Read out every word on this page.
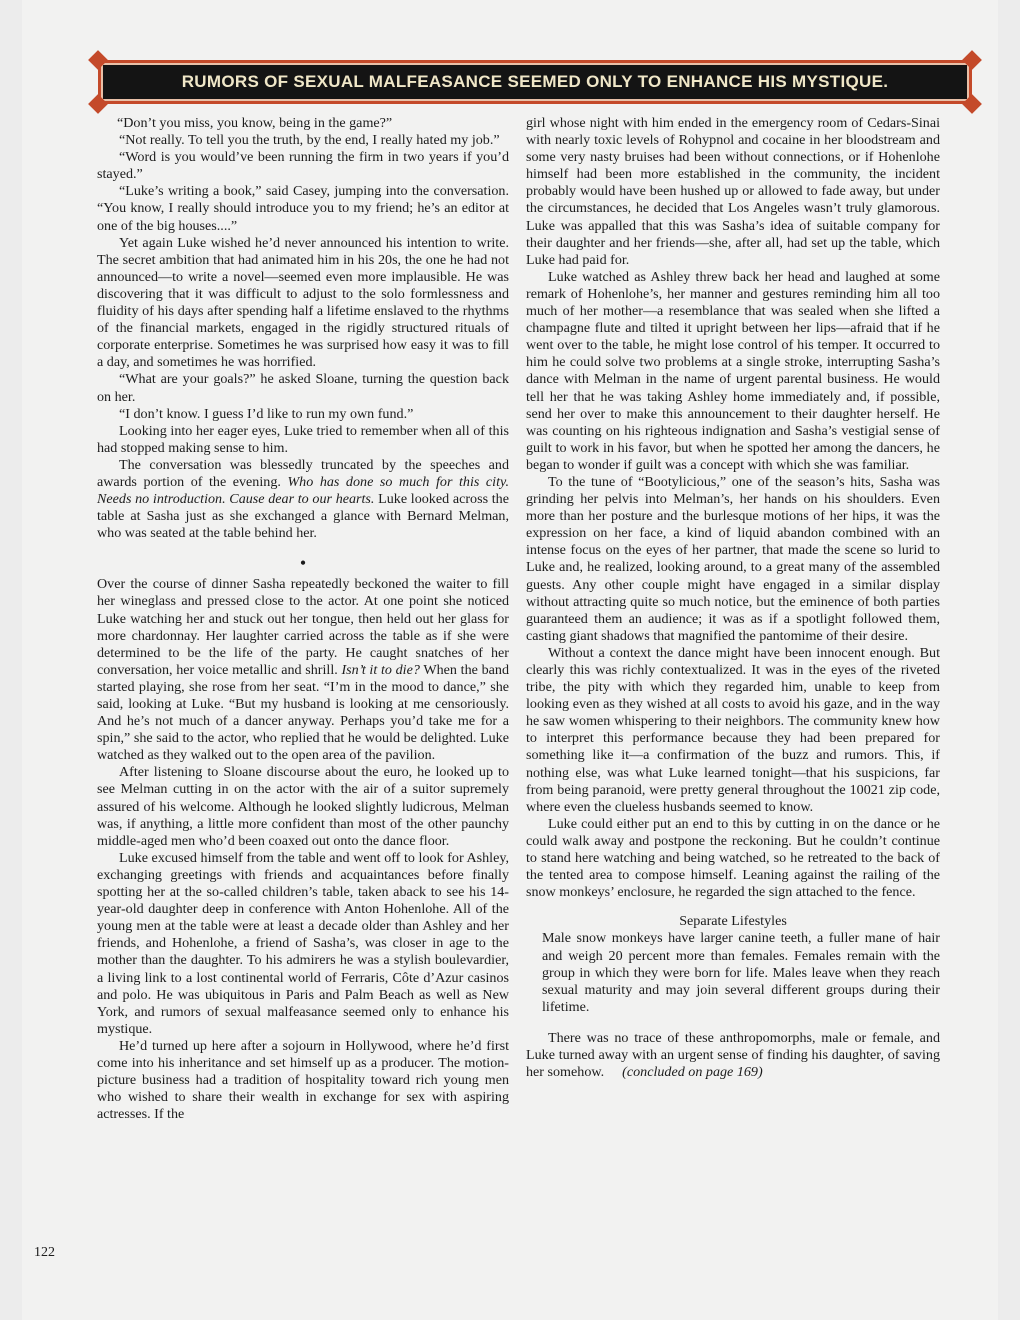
RUMORS OF SEXUAL MALFEASANCE SEEMED ONLY TO ENHANCE HIS MYSTIQUE.

“Don’t you miss, you know, being in the game?”

“Not really. To tell you the truth, by the end, I really hated my job.”

“Word is you would’ve been running the firm in two years if you’d stayed.”

“Luke’s writing a book,” said Casey, jumping into the conversation. “You know, I really should introduce you to my friend; he’s an editor at one of the big houses....”

Yet again Luke wished he’d never announced his intention to write. The secret ambition that had animated him in his 20s, the one he had not announced—to write a novel—seemed even more implausible. He was discovering that it was difficult to adjust to the solo formlessness and fluidity of his days after spending half a lifetime enslaved to the rhythms of the financial markets, engaged in the rigidly structured rituals of corporate enterprise. Sometimes he was surprised how easy it was to fill a day, and sometimes he was horrified.

“What are your goals?” he asked Sloane, turning the question back on her.

“I don’t know. I guess I’d like to run my own fund.”

Looking into her eager eyes, Luke tried to remember when all of this had stopped making sense to him.

The conversation was blessedly truncated by the speeches and awards portion of the evening. Who has done so much for this city. Needs no introduction. Cause dear to our hearts. Luke looked across the table at Sasha just as she exchanged a glance with Bernard Melman, who was seated at the table behind her.

•

Over the course of dinner Sasha repeatedly beckoned the waiter to fill her wineglass and pressed close to the actor. At one point she noticed Luke watching her and stuck out her tongue, then held out her glass for more chardonnay. Her laughter carried across the table as if she were determined to be the life of the party. He caught snatches of her conversation, her voice metallic and shrill. Isn’t it to die? When the band started playing, she rose from her seat. “I’m in the mood to dance,” she said, looking at Luke. “But my husband is looking at me censoriously. And he’s not much of a dancer anyway. Perhaps you’d take me for a spin,” she said to the actor, who replied that he would be delighted. Luke watched as they walked out to the open area of the pavilion.

After listening to Sloane discourse about the euro, he looked up to see Melman cutting in on the actor with the air of a suitor supremely assured of his welcome. Although he looked slightly ludicrous, Melman was, if anything, a little more confident than most of the other paunchy middle-aged men who’d been coaxed out onto the dance floor.

Luke excused himself from the table and went off to look for Ashley, exchanging greetings with friends and acquaintances before finally spotting her at the so-called children’s table, taken aback to see his 14-year-old daughter deep in conference with Anton Hohenlohe. All of the young men at the table were at least a decade older than Ashley and her friends, and Hohenlohe, a friend of Sasha’s, was closer in age to the mother than the daughter. To his admirers he was a stylish boulevardier, a living link to a lost continental world of Ferraris, Côte d’Azur casinos and polo. He was ubiquitous in Paris and Palm Beach as well as New York, and rumors of sexual malfeasance seemed only to enhance his mystique.

He’d turned up here after a sojourn in Hollywood, where he’d first come into his inheritance and set himself up as a producer. The motion-picture business had a tradition of hospitality toward rich young men who wished to share their wealth in exchange for sex with aspiring actresses. If the

girl whose night with him ended in the emergency room of Cedars-Sinai with nearly toxic levels of Rohypnol and cocaine in her bloodstream and some very nasty bruises had been without connections, or if Hohenlohe himself had been more established in the community, the incident probably would have been hushed up or allowed to fade away, but under the circumstances, he decided that Los Angeles wasn’t truly glamorous. Luke was appalled that this was Sasha’s idea of suitable company for their daughter and her friends—she, after all, had set up the table, which Luke had paid for.

Luke watched as Ashley threw back her head and laughed at some remark of Hohenlohe’s, her manner and gestures reminding him all too much of her mother—a resemblance that was sealed when she lifted a champagne flute and tilted it upright between her lips—afraid that if he went over to the table, he might lose control of his temper. It occurred to him he could solve two problems at a single stroke, interrupting Sasha’s dance with Melman in the name of urgent parental business. He would tell her that he was taking Ashley home immediately and, if possible, send her over to make this announcement to their daughter herself. He was counting on his righteous indignation and Sasha’s vestigial sense of guilt to work in his favor, but when he spotted her among the dancers, he began to wonder if guilt was a concept with which she was familiar.

To the tune of “Bootylicious,” one of the season’s hits, Sasha was grinding her pelvis into Melman’s, her hands on his shoulders. Even more than her posture and the burlesque motions of her hips, it was the expression on her face, a kind of liquid abandon combined with an intense focus on the eyes of her partner, that made the scene so lurid to Luke and, he realized, looking around, to a great many of the assembled guests. Any other couple might have engaged in a similar display without attracting quite so much notice, but the eminence of both parties guaranteed them an audience; it was as if a spotlight followed them, casting giant shadows that magnified the pantomime of their desire.

Without a context the dance might have been innocent enough. But clearly this was richly contextualized. It was in the eyes of the riveted tribe, the pity with which they regarded him, unable to keep from looking even as they wished at all costs to avoid his gaze, and in the way he saw women whispering to their neighbors. The community knew how to interpret this performance because they had been prepared for something like it—a confirmation of the buzz and rumors. This, if nothing else, was what Luke learned tonight—that his suspicions, far from being paranoid, were pretty general throughout the 10021 zip code, where even the clueless husbands seemed to know.

Luke could either put an end to this by cutting in on the dance or he could walk away and postpone the reckoning. But he couldn’t continue to stand here watching and being watched, so he retreated to the back of the tented area to compose himself. Leaning against the railing of the snow monkeys’ enclosure, he regarded the sign attached to the fence.

Separate Lifestyles

Male snow monkeys have larger canine teeth, a fuller mane of hair and weigh 20 percent more than females. Females remain with the group in which they were born for life. Males leave when they reach sexual maturity and may join several different groups during their lifetime.

There was no trace of these anthropomorphs, male or female, and Luke turned away with an urgent sense of finding his daughter, of saving her somehow. (concluded on page 169)

122
